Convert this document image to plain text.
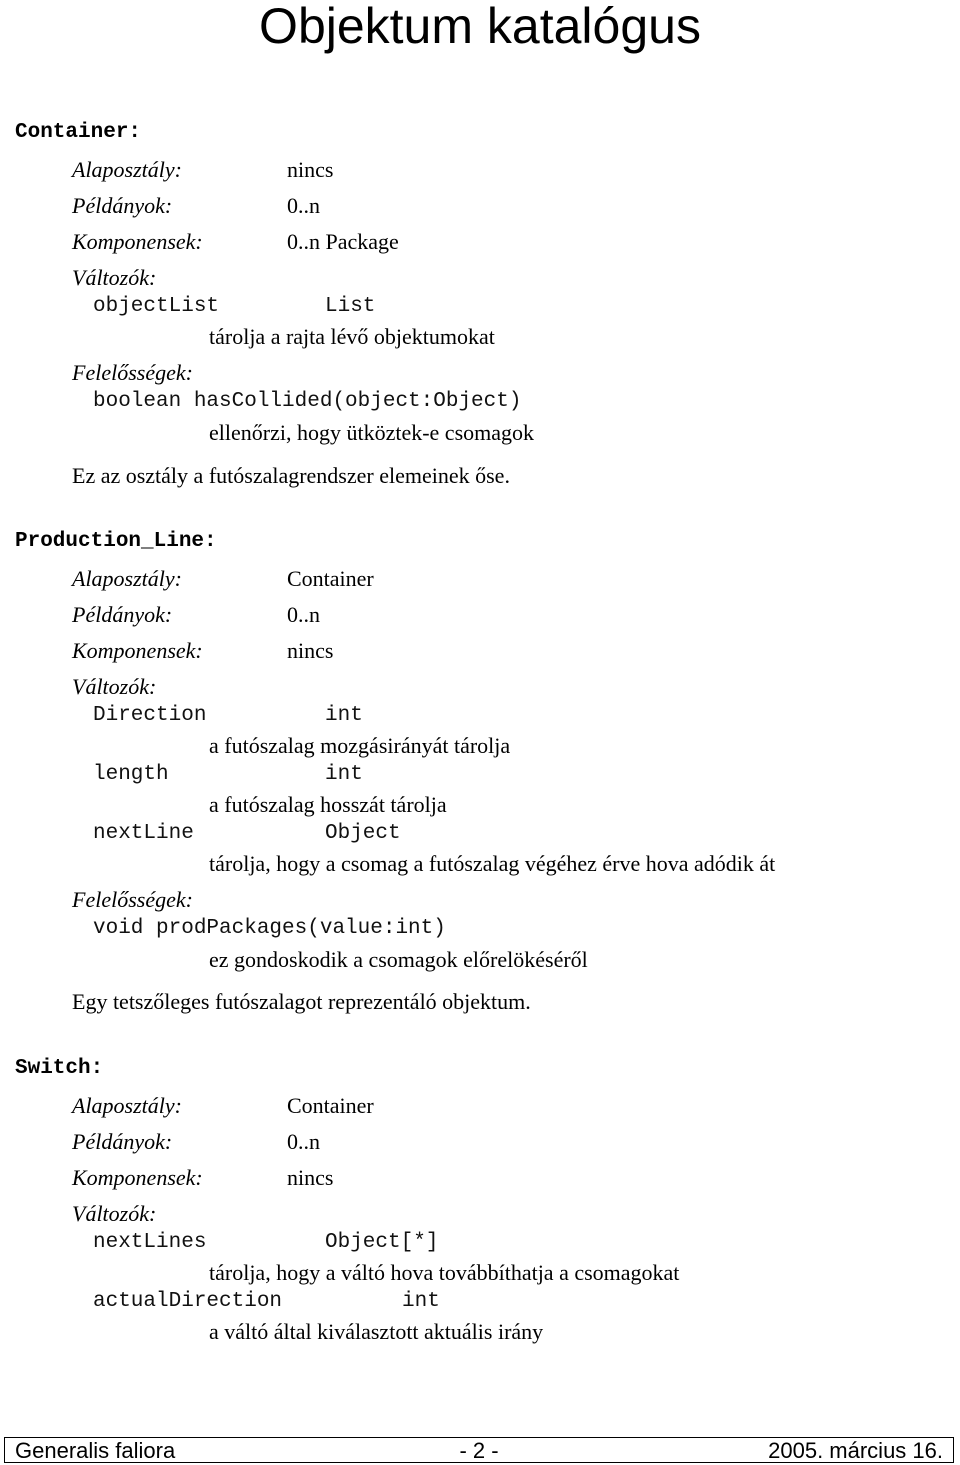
Objektum katalógus
Container:
Alaposztály:	nincs
Példányok:	0..n
Komponensek:	0..n Package
Változók:
objectList	List
tárolja a rajta lévő objektumokat
Felelősségek:
boolean hasCollided(object:Object)
ellenőrzi, hogy ütköztek-e csomagok
Ez az osztály a futószalagrendszer elemeinek őse.
Production_Line:
Alaposztály:	Container
Példányok:	0..n
Komponensek:	nincs
Változók:
Direction	int
a futószalag mozgásirányát tárolja
length	int
a futószalag hosszát tárolja
nextLine	Object
tárolja, hogy a csomag a futószalag végéhez érve hova adódik át
Felelősségek:
void prodPackages(value:int)
ez gondoskodik a csomagok előrelökéséről
Egy tetszőleges futószalagot reprezentáló objektum.
Switch:
Alaposztály:	Container
Példányok:	0..n
Komponensek:	nincs
Változók:
nextLines	Object[*]
tárolja, hogy a váltó hova továbbíthatja a csomagokat
actualDirection	int
a váltó által kiválasztott aktuális irány
Generalis faliora	- 2 -	2005. március 16.
